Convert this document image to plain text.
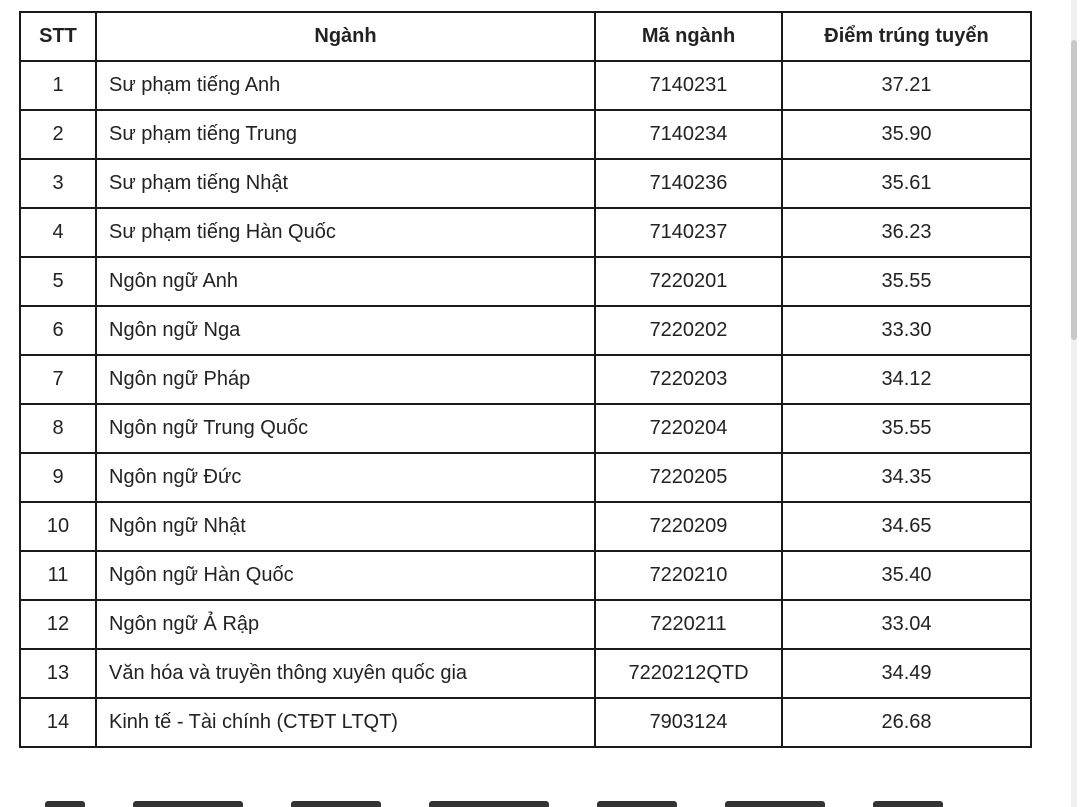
STT	Ngành	Mã ngành	Điểm trúng tuyển
1	Sư phạm tiếng Anh	7140231	37.21
2	Sư phạm tiếng Trung	7140234	35.90
3	Sư phạm tiếng Nhật	7140236	35.61
4	Sư phạm tiếng Hàn Quốc	7140237	36.23
5	Ngôn ngữ Anh	7220201	35.55
6	Ngôn ngữ Nga	7220202	33.30
7	Ngôn ngữ Pháp	7220203	34.12
8	Ngôn ngữ Trung Quốc	7220204	35.55
9	Ngôn ngữ Đức	7220205	34.35
10	Ngôn ngữ Nhật	7220209	34.65
11	Ngôn ngữ Hàn Quốc	7220210	35.40
12	Ngôn ngữ Ả Rập	7220211	33.04
13	Văn hóa và truyền thông xuyên quốc gia	7220212QTD	34.49
14	Kinh tế - Tài chính (CTĐT LTQT)	7903124	26.68
